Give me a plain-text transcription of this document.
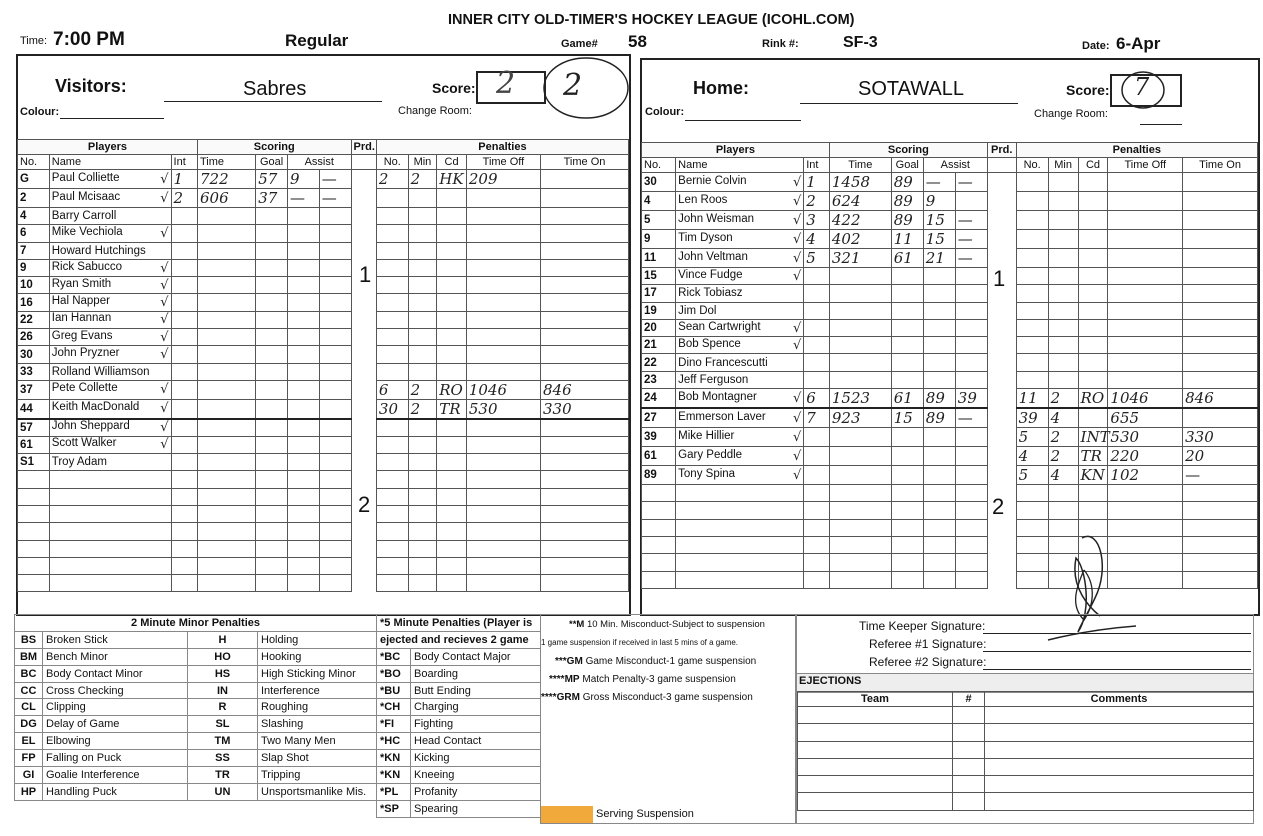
INNER CITY OLD-TIMER'S HOCKEY LEAGUE (ICOHL.COM)
Time: 7:00 PM	Regular	Game# 58	Rink #:	SF-3	Date: 6-Apr
Visitors:	Sabres
Colour:
Score: 2 2
Change Room:
Home:	SOTAWALL
Colour:
Score: 7
Change Room:
Players			Scoring				Prd.	Penalties				
No.	Name	Int	Time	Goal	Assist			No.	Min	Cd	Time Off	Time On
G	Paul Colliette √	1	722	57	9	—		2	2	HK	209	
2	Paul Mcisaac √	2	606	37	—	—						
4	Barry Carroll

6	Mike Vechiola √											

7	Howard Hutchings

9	Rick Sabucco √											

10	Ryan Smith √											

16	Hal Napper √											

22	Ian Hannan √											

26	Greg Evans √											

30	John Pryzner √											

33	Rolland Williamson

37	Pete Collette √							6	2	RO	1046	846
44	Keith MacDonald √							30	2	TR	530	330
57	John Sheppard √											

61	Scott Walker √											

S1	Troy Adam

Players			Scoring				Prd.	Penalties				
No.	Name	Int	Time	Goal	Assist			No.	Min	Cd	Time Off	Time On
30	Bernie Colvin √	1	1458	89	—	—						
4	Len Roos √	2	624	89	9							
5	John Weisman √	3	422	89	15	—						
9	Tim Dyson √	4	402	11	15	—						
11	John Veltman √	5	321	61	21	—						
15	Vince Fudge √											

17	Rick Tobiasz

19	Jim Dol

20	Sean Cartwright √											

21	Bob Spence √											

22	Dino Francescutti

23	Jeff Ferguson

24	Bob Montagner √	6	1523	61	89	39		11	2	RO	1046	846
27	Emmerson Laver √	7	923	15	89	—		39	4		655	
39	Mike Hillier √							5	2	INT	530	330
61	Gary Peddle √							4	2	TR	220	20
89	Tony Spina √							5	4	KN	102	—

1
2
1
2
2 Minute Minor Penalties			
BS	Broken Stick	H	Holding
BM	Bench Minor	HO	Hooking
BC	Body Contact Minor	HS	High Sticking Minor
CC	Cross Checking	IN	Interference
CL	Clipping	R	Roughing
DG	Delay of Game	SL	Slashing
EL	Elbowing	TM	Two Many Men
FP	Falling on Puck	SS	Slap Shot
GI	Goalie Interference	TR	Tripping
HP	Handling Puck	UN	Unsportsmanlike Mis.
*5 Minute Penalties (Player is	
ejected and recieves 2 game	
*BC	Body Contact Major
*BO	Boarding
*BU	Butt Ending
*CH	Charging
*FI	Fighting
*HC	Head Contact
*KN	Kicking
*KN	Kneeing
*PL	Profanity
*SP	Spearing
**M 10 Min. Misconduct-Subject to suspension
1 game suspension if received in last 5 mins of a game.
***GM Game Misconduct-1 game suspension
****MP Match Penalty-3 game suspension
****GRM Gross Misconduct-3 game suspension
Serving Suspension
Time Keeper Signature:
Referee #1 Signature:
Referee #2 Signature:
EJECTIONS
Team	#	Comments
